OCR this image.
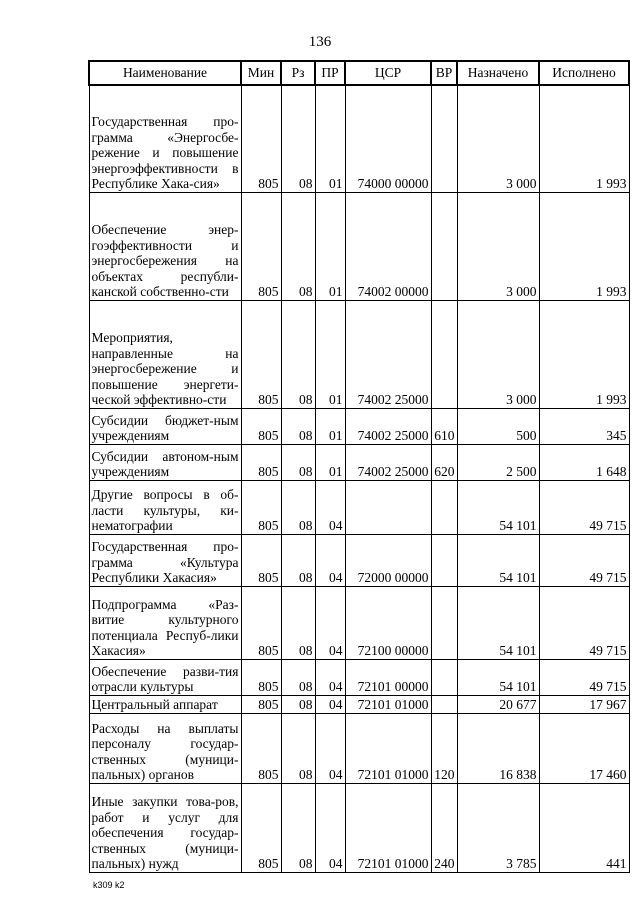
136
Наименование	Мин	Рз	ПР	ЦСР	ВР	Назначено	Исполнено
Государственная про-грамма «Энергосбе-режение и повышение энергоэффективности в Республике Хака-сия»	805	08	01	74000 00000		3 000	1 993
Обеспечение энер-гоэффективности и энергосбережения на объектах республи-канской собственно-сти	805	08	01	74002 00000		3 000	1 993
Мероприятия, направленные на энергосбережение и повышение энергети-ческой эффективно-сти	805	08	01	74002 25000		3 000	1 993
Субсидии бюджет-ным учреждениям	805	08	01	74002 25000	610	500	345
Субсидии автоном-ным учреждениям	805	08	01	74002 25000	620	2 500	1 648
Другие вопросы в об-ласти культуры, ки-нематографии	805	08	04			54 101	49 715
Государственная про-грамма «Культура Республики Хакасия»	805	08	04	72000 00000		54 101	49 715
Подпрограмма «Раз-витие культурного потенциала Респуб-лики Хакасия»	805	08	04	72100 00000		54 101	49 715
Обеспечение разви-тия отрасли культуры	805	08	04	72101 00000		54 101	49 715
Центральный аппарат	805	08	04	72101 01000		20 677	17 967
Расходы на выплаты персоналу государ-ственных (муници-пальных) органов	805	08	04	72101 01000	120	16 838	17 460
Иные закупки това-ров, работ и услуг для обеспечения государ-ственных (муници-пальных) нужд	805	08	04	72101 01000	240	3 785	441
k309 k2
